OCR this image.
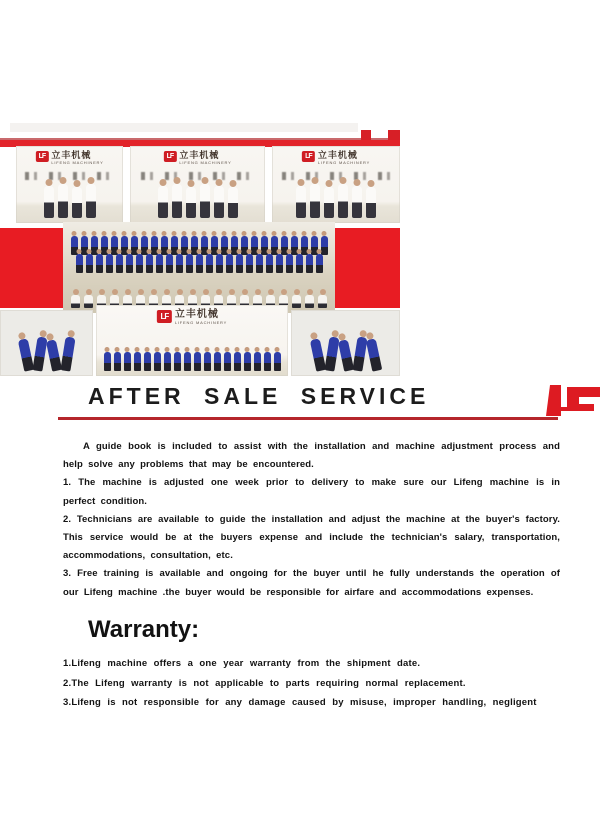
LF 立丰机械
LIFENG MACHINERY
LF 立丰机械
LIFENG MACHINERY
LF 立丰机械
LIFENG MACHINERY
LF 立丰机械
LIFENG MACHINERY
AFTER SALE SERVICE

A guide book is included to assist with the installation and machine adjustment process and help solve any problems that may be encountered.

1. The machine is adjusted one week prior to delivery to make sure our Lifeng machine is in perfect condition.

2. Technicians are available to guide the installation and adjust the machine at the buyer's factory. This service would be at the buyers expense and include the technician's salary, transportation, accommodations, consultation, etc.

3. Free training is available and ongoing for the buyer until he fully understands the operation of our Lifeng machine .the buyer would be responsible for airfare and accommodations expenses.

Warranty:

1.Lifeng machine offers a one year warranty from the shipment date.

2.The Lifeng warranty is not applicable to parts requiring normal replacement.

3.Lifeng is not responsible for any damage caused by misuse, improper handling, negligent
